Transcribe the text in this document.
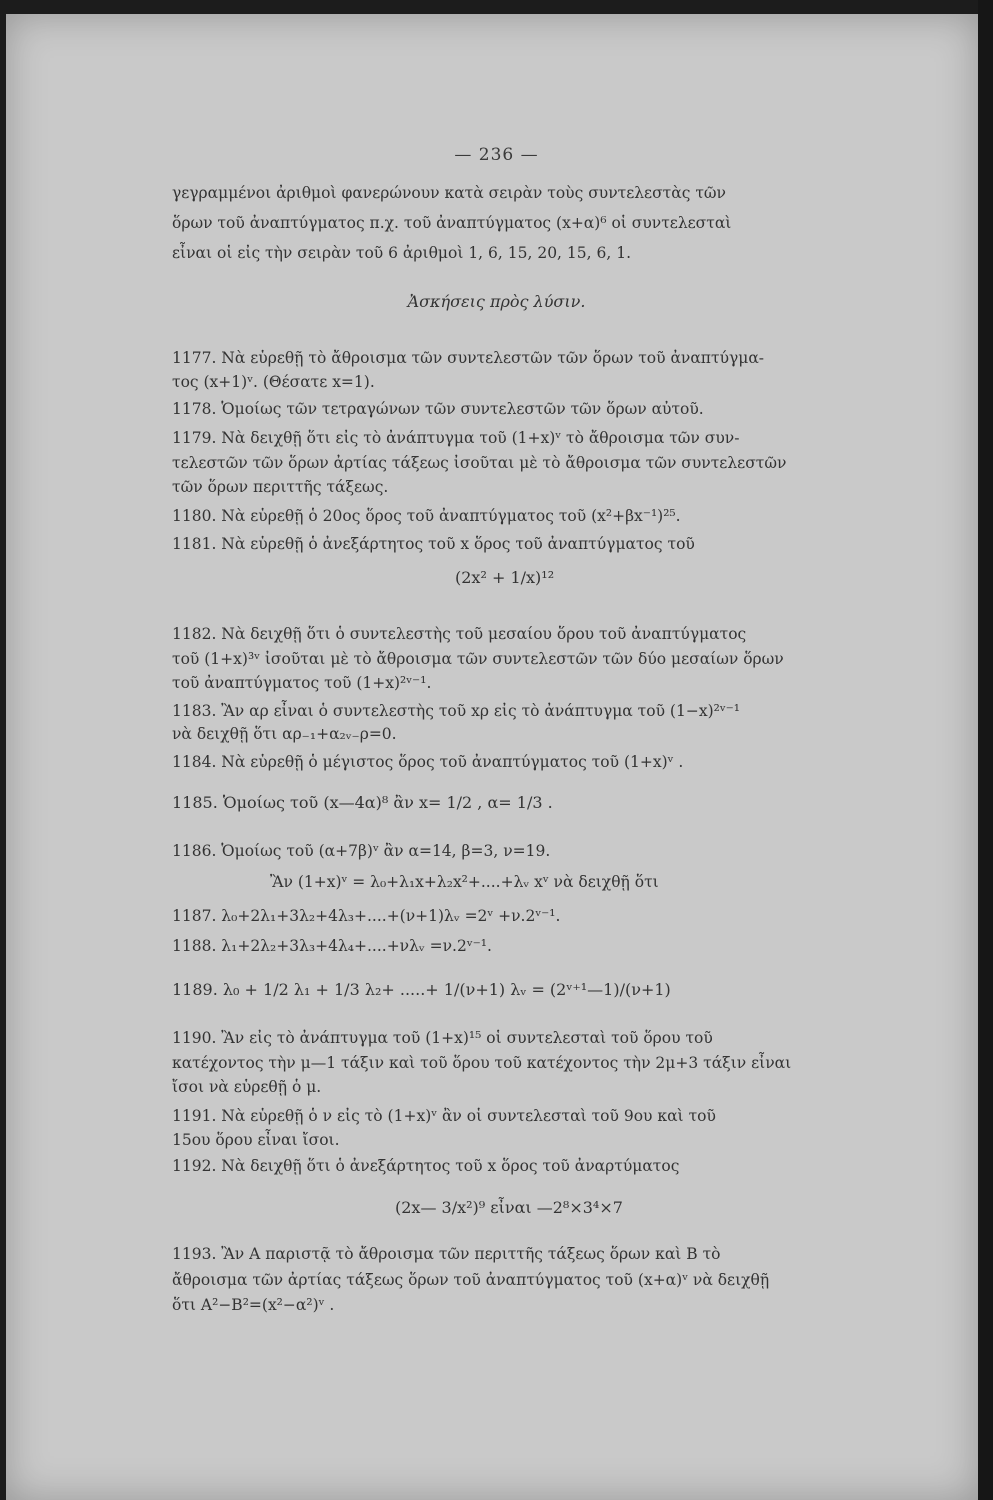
— 236 —
γεγραμμένοι ἀριθμοὶ φανερώνουν κατὰ σειρὰν τοὺς συντελεστὰς τῶν
ὅρων τοῦ ἀναπτύγματος π.χ. τοῦ ἀναπτύγματος (x+α)⁶ οἱ συντελεσταὶ
εἶναι οἱ εἰς τὴν σειρὰν τοῦ 6 ἀριθμοὶ 1, 6, 15, 20, 15, 6, 1.
Ἀσκήσεις πρὸς λύσιν.
1177. Νὰ εὑρεθῇ τὸ ἄθροισμα τῶν συντελεστῶν τῶν ὅρων τοῦ ἀναπτύγμα-
τος (x+1)ᵛ. (Θέσατε x=1).
1178. Ὁμοίως τῶν τετραγώνων τῶν συντελεστῶν τῶν ὅρων αὐτοῦ.
1179. Νὰ δειχθῇ ὅτι εἰς τὸ ἀνάπτυγμα τοῦ (1+x)ᵛ τὸ ἄθροισμα τῶν συν-
τελεστῶν τῶν ὅρων ἀρτίας τάξεως ἰσοῦται μὲ τὸ ἄθροισμα τῶν συντελεστῶν
τῶν ὅρων περιττῆς τάξεως.
1180. Νὰ εὑρεθῇ ὁ 20ος ὅρος τοῦ ἀναπτύγματος τοῦ (x²+βx⁻¹)²⁵.
1181. Νὰ εὑρεθῇ ὁ ἀνεξάρτητος τοῦ x ὅρος τοῦ ἀναπτύγματος τοῦ
(2x² + 1/x)¹²
1182. Νὰ δειχθῇ ὅτι ὁ συντελεστὴς τοῦ μεσαίου ὅρου τοῦ ἀναπτύγματος
τοῦ (1+x)³ᵛ ἰσοῦται μὲ τὸ ἄθροισμα τῶν συντελεστῶν τῶν δύο μεσαίων ὅρων
τοῦ ἀναπτύγματος τοῦ (1+x)²ᵛ⁻¹.
1183. Ἂν αρ εἶναι ὁ συντελεστὴς τοῦ xρ εἰς τὸ ἀνάπτυγμα τοῦ (1−x)²ᵛ⁻¹
νὰ δειχθῇ ὅτι αρ₋₁+α₂ᵥ₋ρ=0.
1184. Νὰ εὑρεθῇ ὁ μέγιστος ὅρος τοῦ ἀναπτύγματος τοῦ (1+x)ᵛ .
1185. Ὁμοίως τοῦ (x—4α)⁸ ἂν x= 1/2 , α= 1/3 .
1186. Ὁμοίως τοῦ (α+7β)ᵛ ἂν α=14, β=3, ν=19.
Ἂν (1+x)ᵛ = λ₀+λ₁x+λ₂x²+....+λᵥ xᵛ νὰ δειχθῇ ὅτι
1187. λ₀+2λ₁+3λ₂+4λ₃+....+(ν+1)λᵥ =2ᵛ +ν.2ᵛ⁻¹.
1188. λ₁+2λ₂+3λ₃+4λ₄+....+νλᵥ =ν.2ᵛ⁻¹.
1189. λ₀ + 1/2 λ₁ + 1/3 λ₂+ .....+ 1/(ν+1) λᵥ = (2ᵛ⁺¹—1)/(ν+1)
1190. Ἂν εἰς τὸ ἀνάπτυγμα τοῦ (1+x)¹⁵ οἱ συντελεσταὶ τοῦ ὅρου τοῦ
κατέχοντος τὴν μ—1 τάξιν καὶ τοῦ ὅρου τοῦ κατέχοντος τὴν 2μ+3 τάξιν εἶναι
ἴσοι νὰ εὑρεθῇ ὁ μ.
1191. Νὰ εὑρεθῇ ὁ ν εἰς τὸ (1+x)ᵛ ἂν οἱ συντελεσταὶ τοῦ 9ου καὶ τοῦ
15ου ὅρου εἶναι ἴσοι.
1192. Νὰ δειχθῇ ὅτι ὁ ἀνεξάρτητος τοῦ x ὅρος τοῦ ἀναρτύματος
(2x— 3/x²)⁹ εἶναι —2⁸×3⁴×7
1193. Ἂν Α παριστᾷ τὸ ἄθροισμα τῶν περιττῆς τάξεως ὅρων καὶ Β τὸ
ἄθροισμα τῶν ἀρτίας τάξεως ὅρων τοῦ ἀναπτύγματος τοῦ (x+α)ᵛ νὰ δειχθῇ
ὅτι Α²−Β²=(x²−α²)ᵛ .
